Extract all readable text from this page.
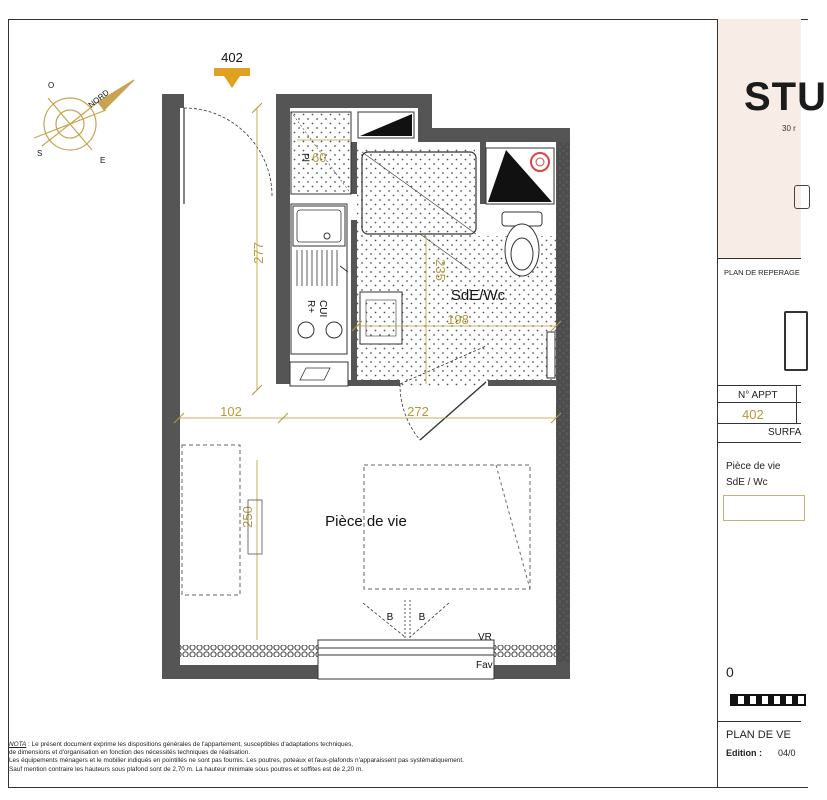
NORD
S
E
O
402
Pl
R+ CUI
277
60
235
198
102	272
250
SdE/Wc
Pièce de vie
B	B
VR
Fav
NOTA : Le présent document exprime les dispositions générales de l'appartement, susceptibles d'adaptations techniques,
de dimensions et d'organisation en fonction des nécessités techniques de réalisation.
Les équipements ménagers et le mobilier indiqués en pointillés ne sont pas fournis. Les poutres, poteaux et faux-plafonds n'apparaissent pas systématiquement.
Sauf mention contraire les hauteurs sous plafond sont de 2,70 m. La hauteur minimale sous poutres et soffites est de 2,20 m.
STU
30 r
PLAN DE REPERAGE
N° APPT
402
SURFA
Pièce de vie
SdE / Wc
0
PLAN DE VE
Edition : 04/0
